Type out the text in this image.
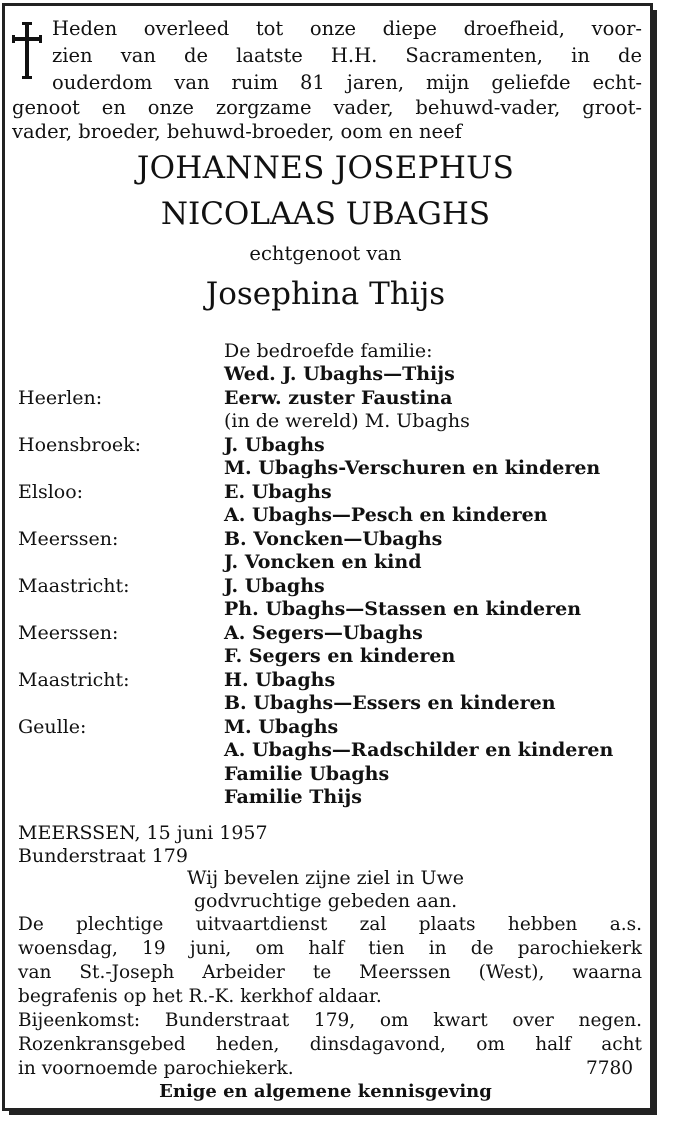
Heden overleed tot onze diepe droefheid, voor-
zien van de laatste H.H. Sacramenten, in de
ouderdom van ruim 81 jaren, mijn geliefde echt-
genoot en onze zorgzame vader, behuwd-vader, groot-
vader, broeder, behuwd-broeder, oom en neef
JOHANNES JOSEPHUS
NICOLAAS UBAGHS
echtgenoot van
Josephina Thijs
De bedroefde familie:
Wed. J. Ubaghs—Thijs
Heerlen:	Eerw. zuster Faustina
(in de wereld) M. Ubaghs
Hoensbroek:	J. Ubaghs
M. Ubaghs-Verschuren en kinderen
Elsloo:	E. Ubaghs
A. Ubaghs—Pesch en kinderen
Meerssen:	B. Voncken—Ubaghs
J. Voncken en kind
Maastricht:	J. Ubaghs
Ph. Ubaghs—Stassen en kinderen
Meerssen:	A. Segers—Ubaghs
F. Segers en kinderen
Maastricht:	H. Ubaghs
B. Ubaghs—Essers en kinderen
Geulle:	M. Ubaghs
A. Ubaghs—Radschilder en kinderen
Familie Ubaghs
Familie Thijs
MEERSSEN, 15 juni 1957
Bunderstraat 179
Wij bevelen zijne ziel in Uwe
godvruchtige gebeden aan.
De plechtige uitvaartdienst zal plaats hebben a.s.
woensdag, 19 juni, om half tien in de parochiekerk
van St.-Joseph Arbeider te Meerssen (West), waarna
begrafenis op het R.-K. kerkhof aldaar.
Bijeenkomst: Bunderstraat 179, om kwart over negen.
Rozenkransgebed heden, dinsdagavond, om half acht
in voornoemde parochiekerk.	7780
Enige en algemene kennisgeving
